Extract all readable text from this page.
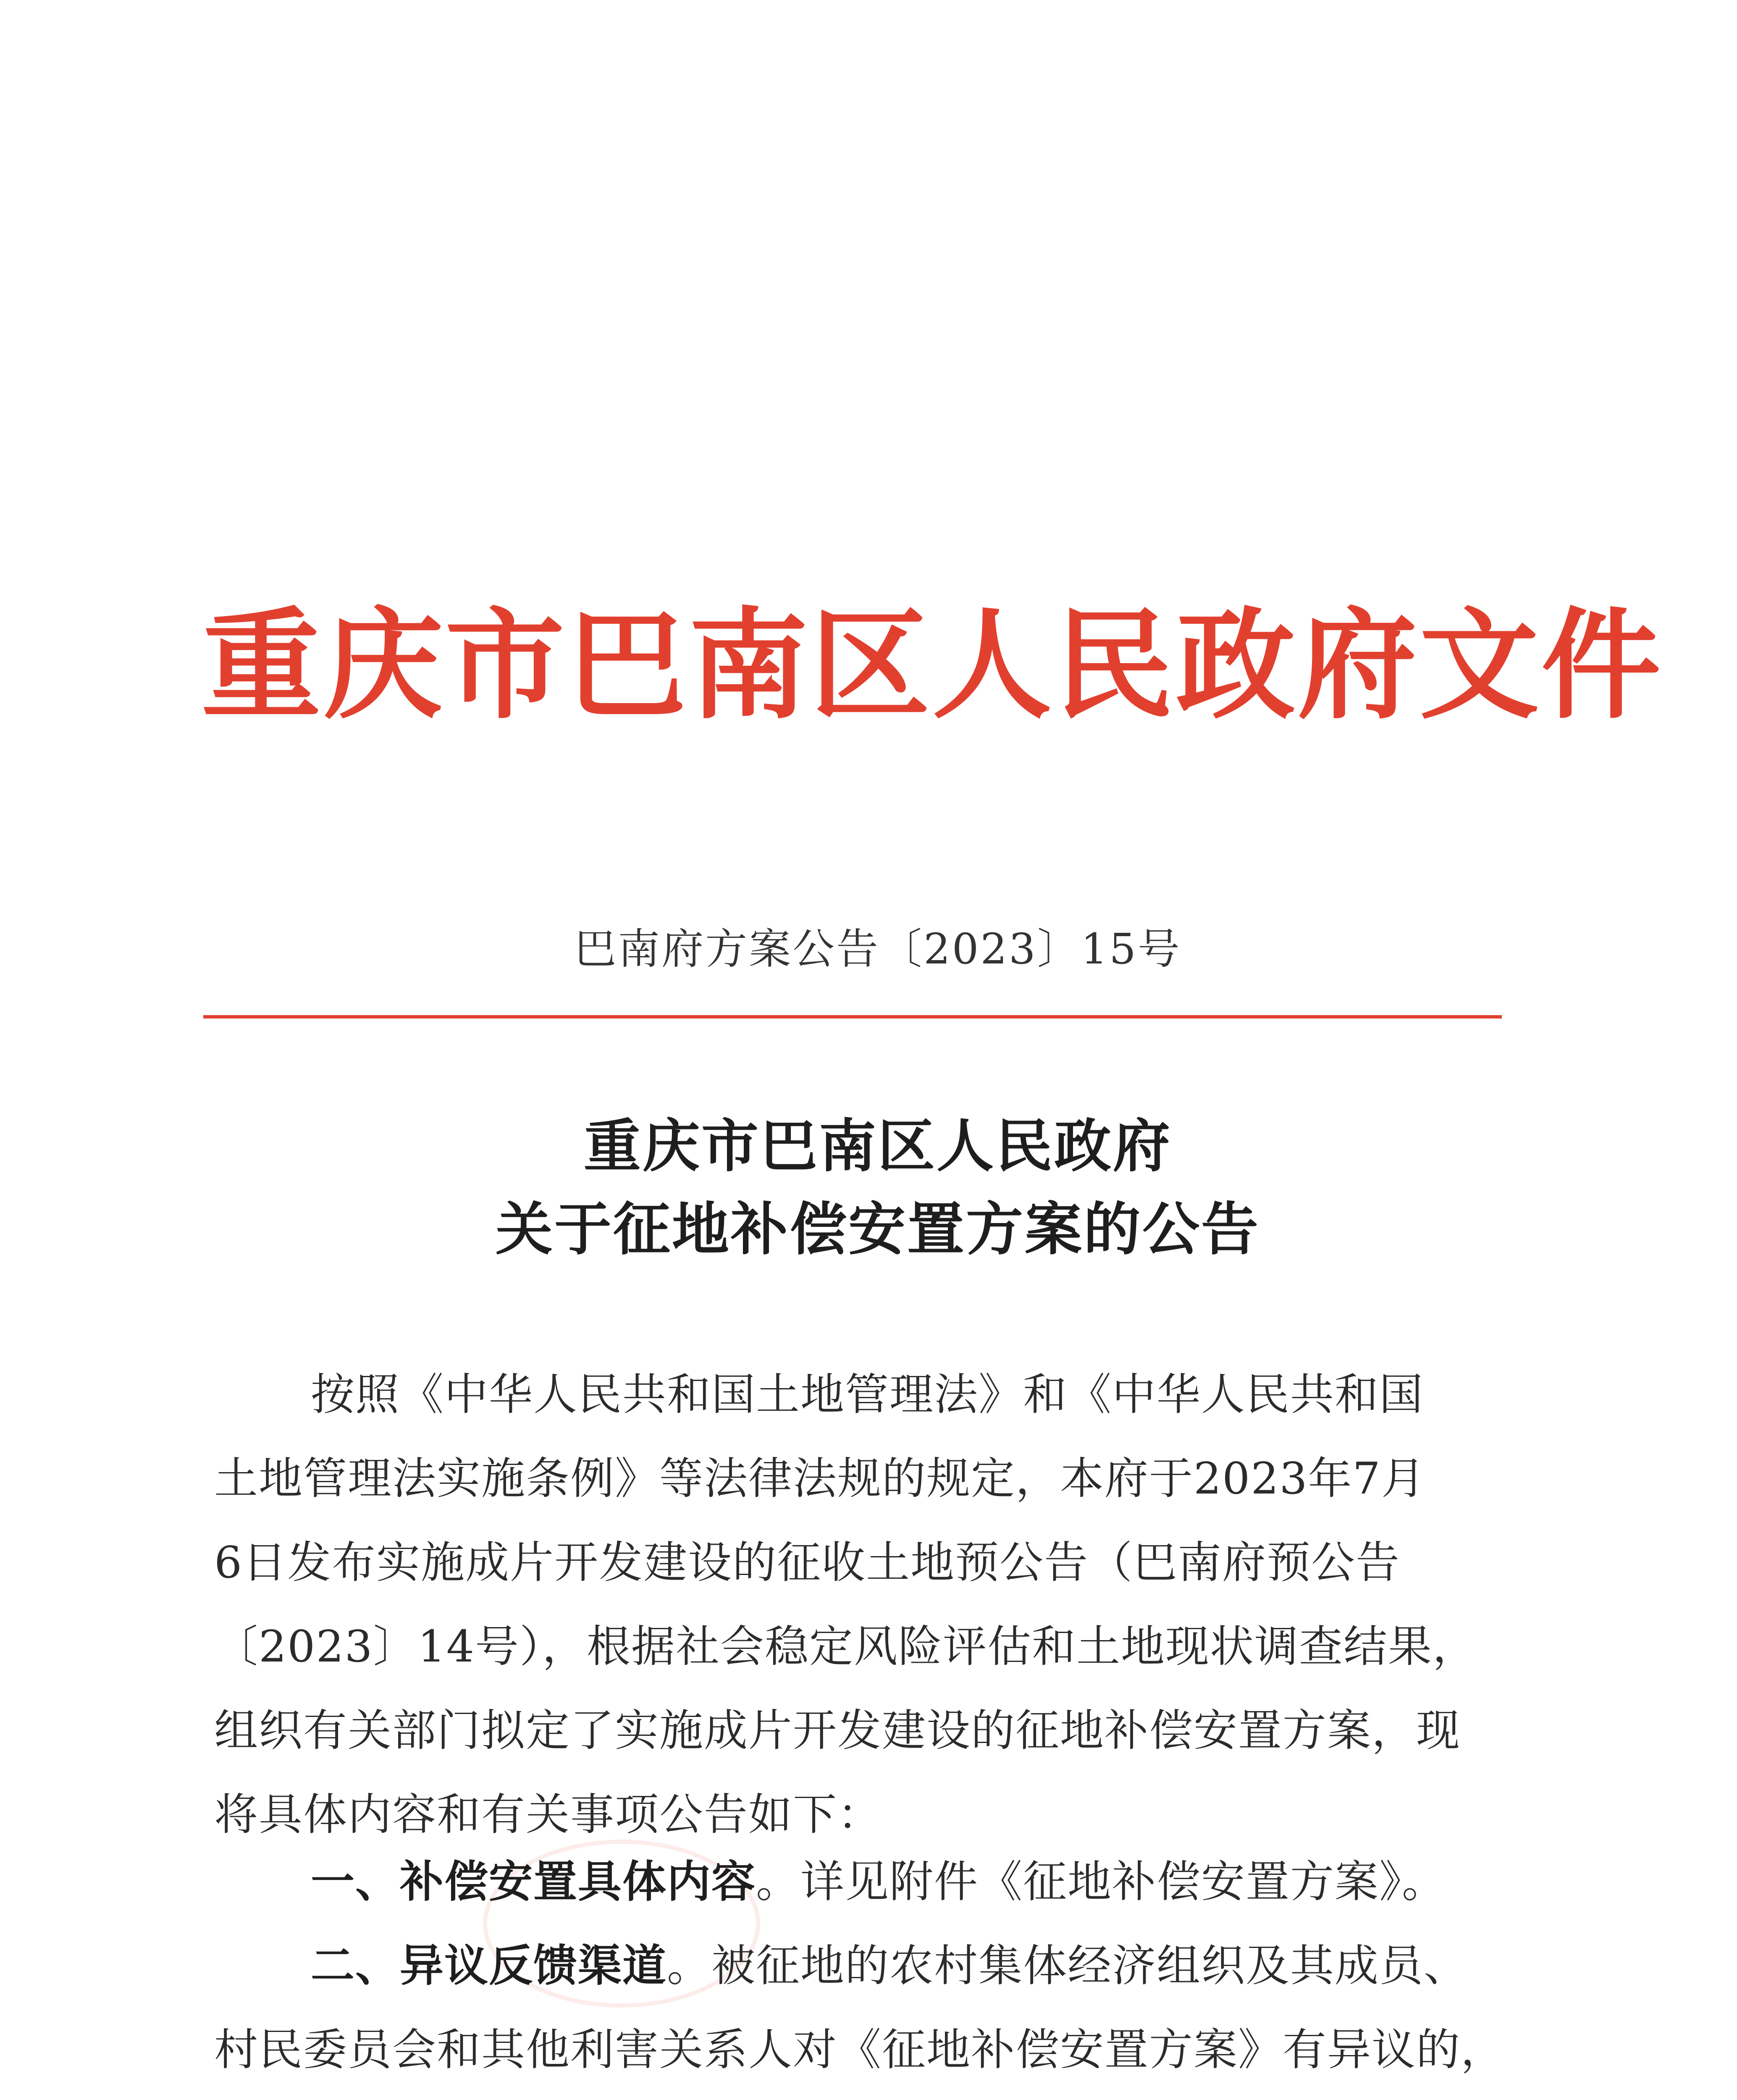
重庆市巴南区人民政府文件
巴南府方案公告〔2023〕15号
重庆市巴南区人民政府
关于征地补偿安置方案的公告
按照《中华人民共和国土地管理法》和《中华人民共和国
土地管理法实施条例》等法律法规的规定，本府于2023年7月
6日发布实施成片开发建设的征收土地预公告（巴南府预公告
〔2023〕14号），根据社会稳定风险评估和土地现状调查结果，
组织有关部门拟定了实施成片开发建设的征地补偿安置方案，现
将具体内容和有关事项公告如下：
一、补偿安置具体内容。详见附件《征地补偿安置方案》。
二、异议反馈渠道。被征地的农村集体经济组织及其成员、
村民委员会和其他利害关系人对《征地补偿安置方案》有异议的，
